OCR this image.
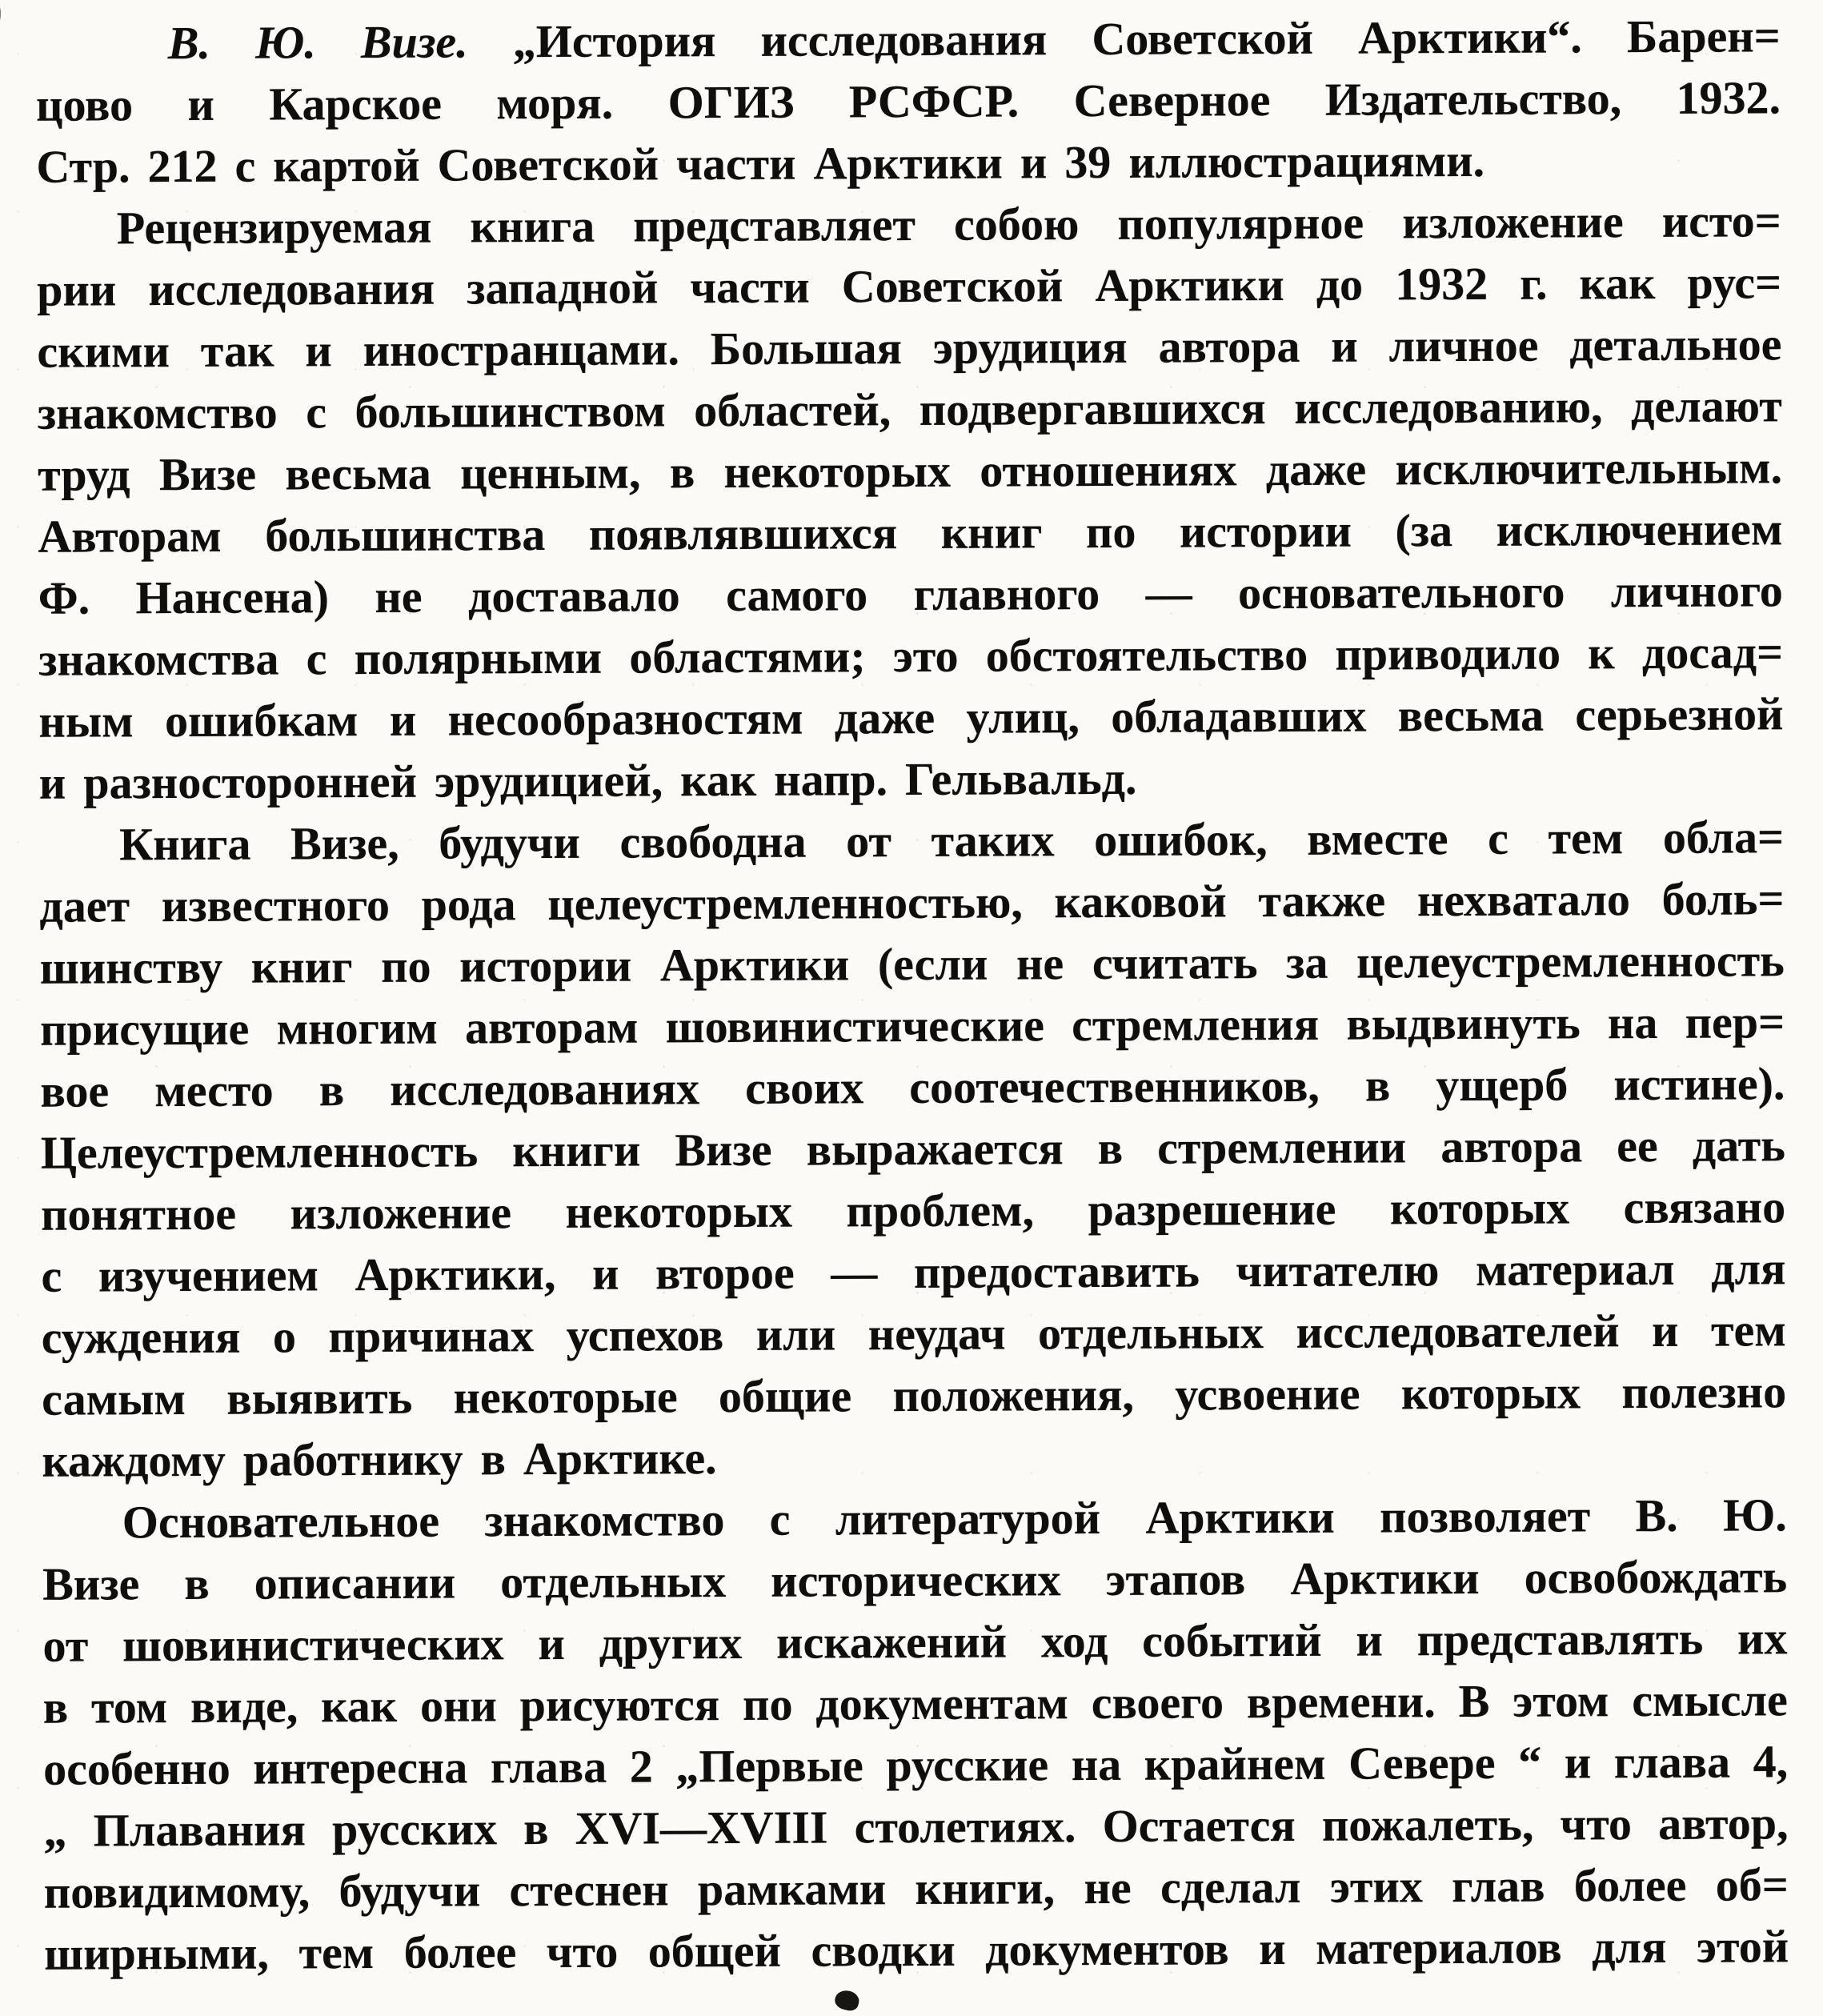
В. Ю. Визе. „История исследования Советской Арктики“. Барен=
цово и Карское моря. ОГИЗ РСФСР. Северное Издательство, 1932.
Стр. 212 с картой Советской части Арктики и 39 иллюстрациями.
Рецензируемая книга представляет собою популярное изложение исто=
рии исследования западной части Советской Арктики до 1932 г. как рус=
скими так и иностранцами. Большая эрудиция автора и личное детальное
знакомство с большинством областей, подвергавшихся исследованию, делают
труд Визе весьма ценным, в некоторых отношениях даже исключительным.
Авторам большинства появлявшихся книг по истории (за исключением
Ф. Нансена) не доставало самого главного — основательного личного
знакомства с полярными областями; это обстоятельство приводило к досад=
ным ошибкам и несообразностям даже улиц, обладавших весьма серьезной
и разносторонней эрудицией, как напр. Гельвальд.
Книга Визе, будучи свободна от таких ошибок, вместе с тем обла=
дает известного рода целеустремленностью, каковой также нехватало боль=
шинству книг по истории Арктики (если не считать за целеустремленность
присущие многим авторам шовинистические стремления выдвинуть на пер=
вое место в исследованиях своих соотечественников, в ущерб истине).
Целеустремленность книги Визе выражается в стремлении автора ее дать
понятное изложение некоторых проблем, разрешение которых связано
с изучением Арктики, и второе — предоставить читателю материал для
суждения о причинах успехов или неудач отдельных исследователей и тем
самым выявить некоторые общие положения, усвоение которых полезно
каждому работнику в Арктике.
Основательное знакомство с литературой Арктики позволяет В. Ю.
Визе в описании отдельных исторических этапов Арктики освобождать
от шовинистических и других искажений ход событий и представлять их
в том виде, как они рисуются по документам своего времени. В этом смысле
особенно интересна глава 2 „Первые русские на крайнем Севере “ и глава 4,
„ Плавания русских в XVI—XVIII столетиях. Остается пожалеть, что автор,
повидимому, будучи стеснен рамками книги, не сделал этих глав более об=
ширными, тем более что общей сводки документов и материалов для этой
